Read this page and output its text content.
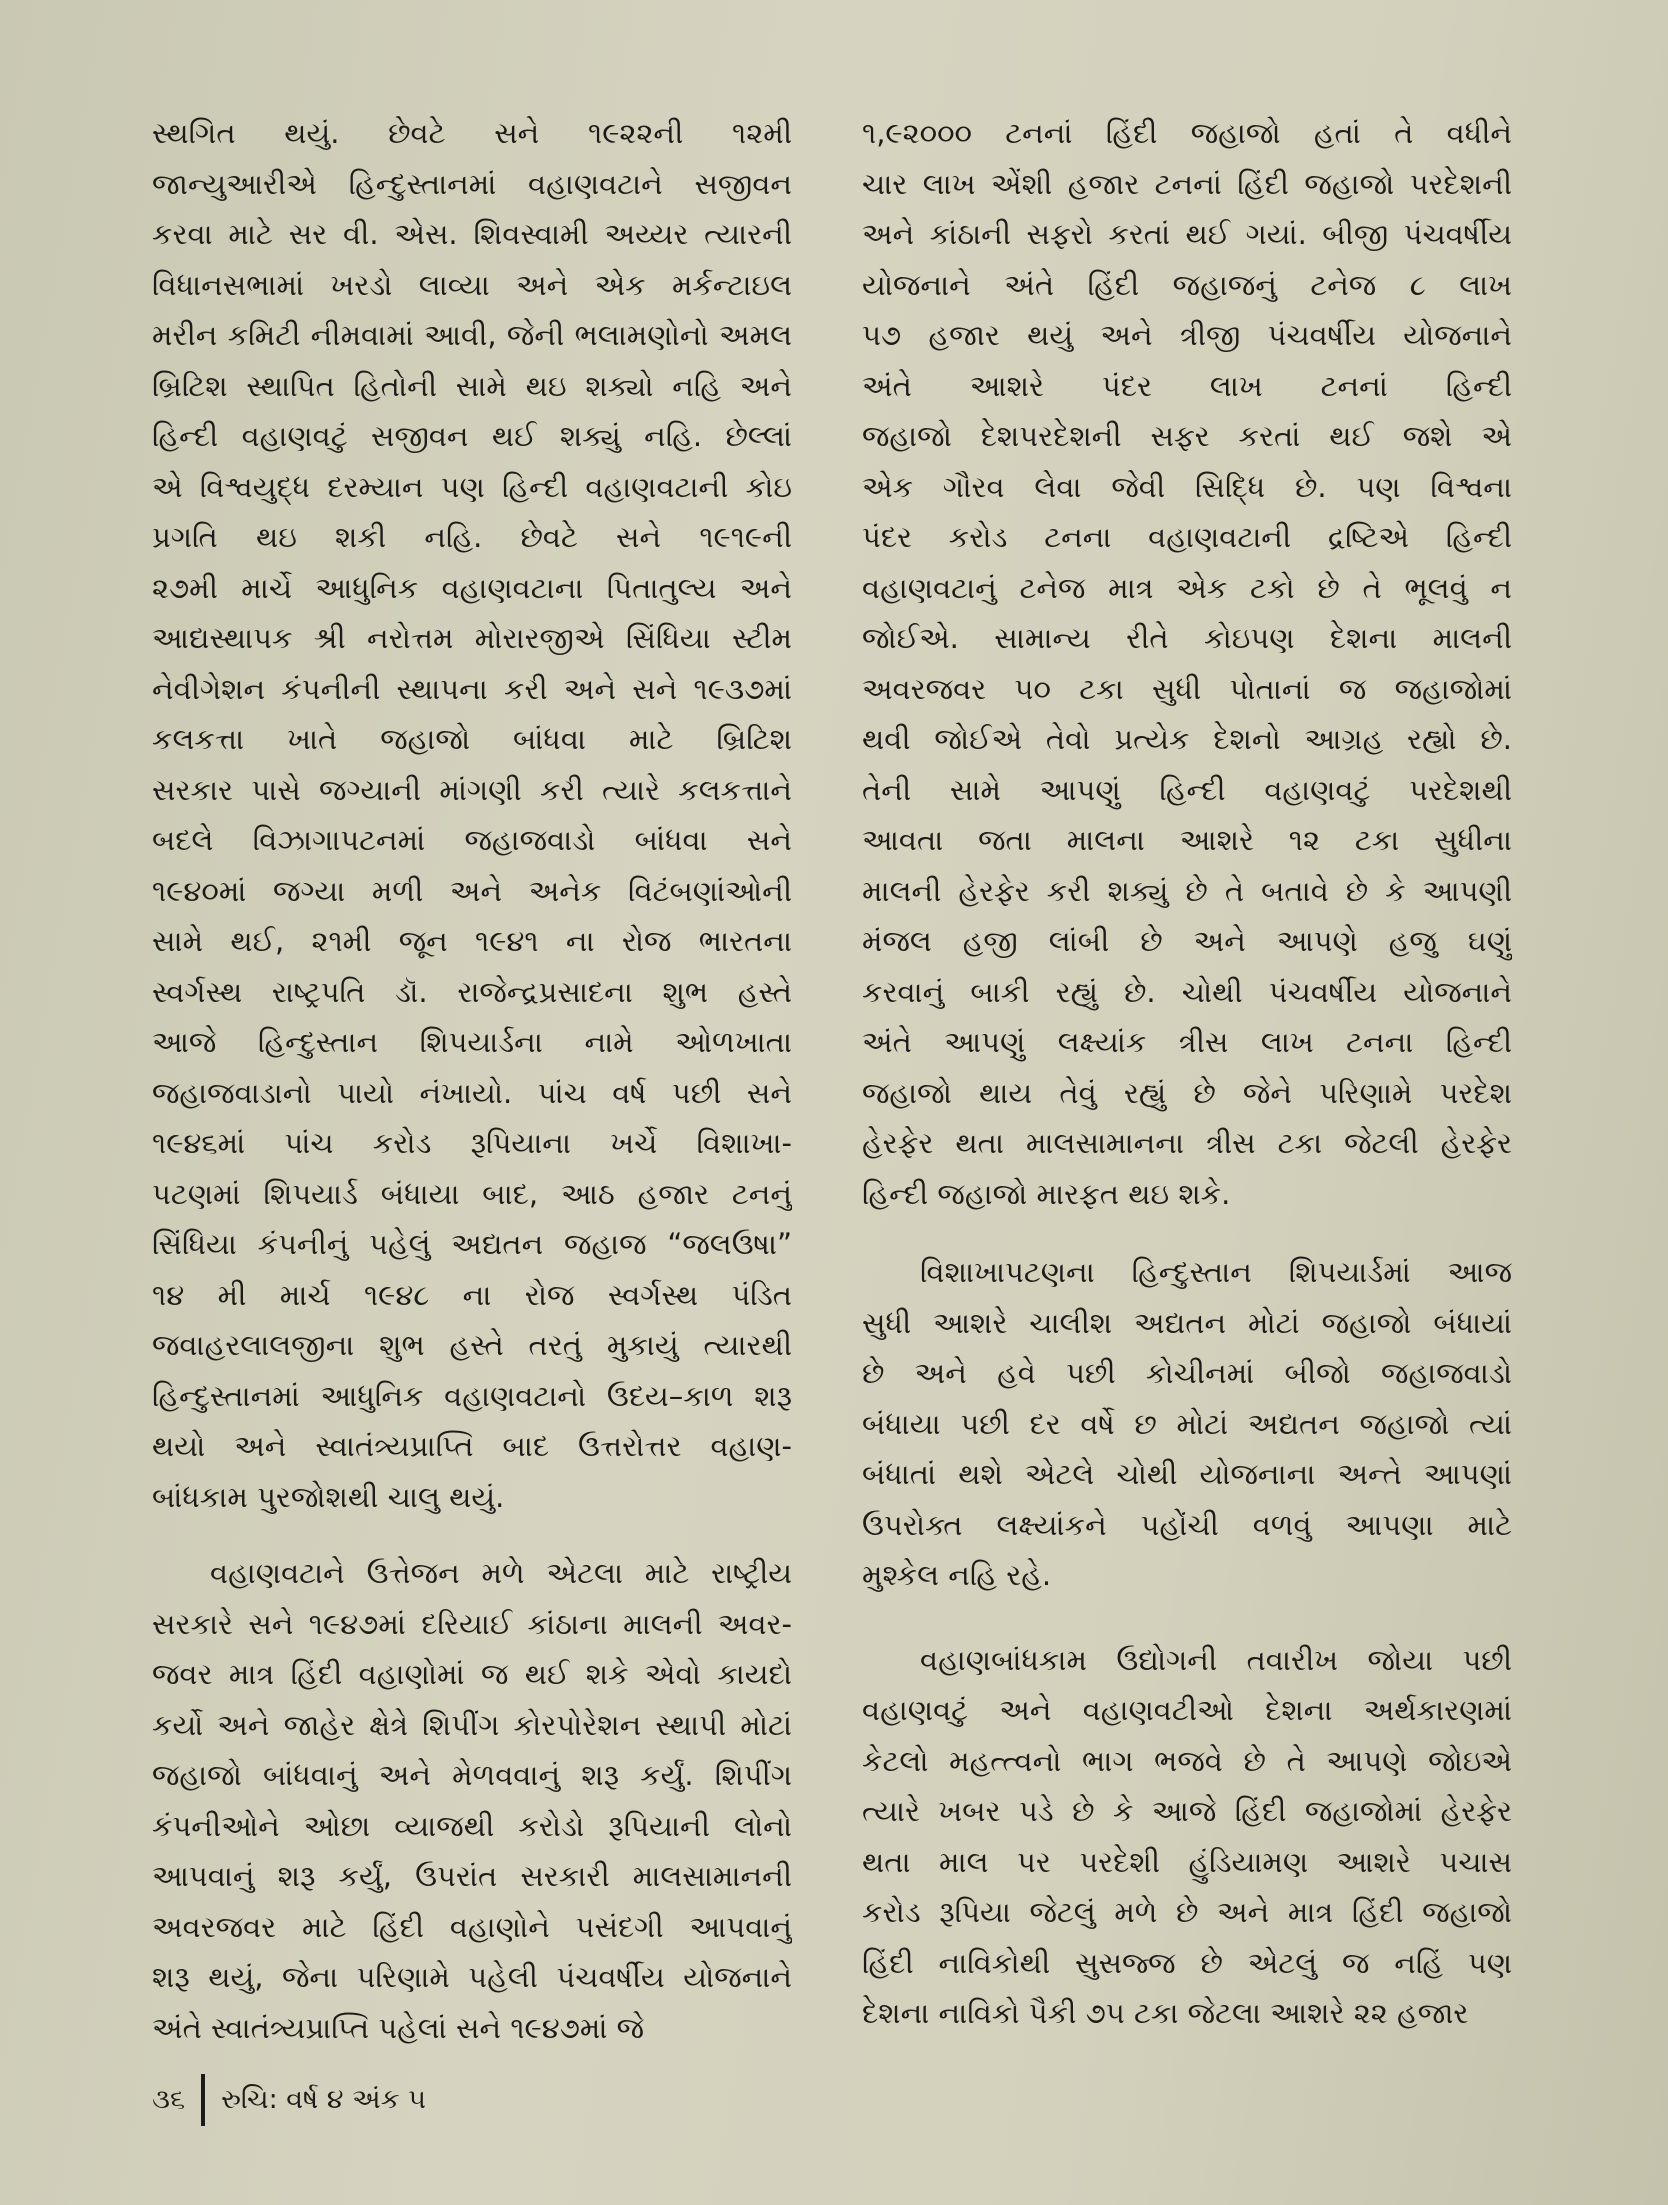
સ્થગિત થયું. છેવટે સને ૧૯૨૨ની ૧૨મી
જાન્યુઆરીએ હિન્દુસ્તાનમાં વહાણવટાને સજીવન
કરવા માટે સર વી. એસ. શિવસ્વામી અય્યર ત્યારની
વિધાનસભામાં ખરડો લાવ્યા અને એક મર્કન્ટાઇલ
મરીન કમિટી નીમવામાં આવી, જેની ભલામણોનો અમલ
બ્રિટિશ સ્થાપિત હિતોની સામે થઇ શક્યો નહિ અને
હિન્દી વહાણવટું સજીવન થઈ શક્યું નહિ. છેલ્લાં
એ વિશ્વયુદ્ધ દરમ્યાન પણ હિન્દી વહાણવટાની કોઇ
પ્રગતિ થઇ શકી નહિ. છેવટે સને ૧૯૧૯ની
૨૭મી માર્ચે આધુનિક વહાણવટાના પિતાતુલ્ય અને
આદ્યસ્થાપક શ્રી નરોત્તમ મોરારજીએ સિંધિયા સ્ટીમ
નેવીગેશન કંપનીની સ્થાપના કરી અને સને ૧૯૩૭માં
કલકત્તા ખાતે જહાજો બાંધવા માટે બ્રિટિશ
સરકાર પાસે જગ્યાની માંગણી કરી ત્યારે કલકત્તાને
બદલે વિઝાગાપટનમાં જહાજવાડો બાંધવા સને
૧૯૪૦માં જગ્યા મળી અને અનેક વિટંબણાંઓની
સામે થઈ, ૨૧મી જૂન ૧૯૪૧ ના રોજ ભારતના
સ્વર્ગસ્થ રાષ્ટ્રપતિ ડૉ. રાજેન્દ્રપ્રસાદના શુભ હસ્તે
આજે હિન્દુસ્તાન શિપયાર્ડના નામે ઓળખાતા
જહાજવાડાનો પાયો નંખાયો. પાંચ વર્ષ પછી સને
૧૯૪૬માં પાંચ કરોડ રૂપિયાના ખર્ચે વિશાખા-
પટણમાં શિપયાર્ડ બંધાયા બાદ, આઠ હજાર ટનનું
સિંધિયા કંપનીનું પહેલું અદ્યતન જહાજ “જલઉષા”
૧૪ મી માર્ચ ૧૯૪૮ ના રોજ સ્વર્ગસ્થ પંડિત
જવાહરલાલજીના શુભ હસ્તે તરતું મુકાયું ત્યારથી
હિન્દુસ્તાનમાં આધુનિક વહાણવટાનો ઉદય–કાળ શરૂ
થયો અને સ્વાતંત્ર્યપ્રાપ્તિ બાદ ઉત્તરોત્તર વહાણ-
બાંધકામ પુરજોશથી ચાલુ થયું.
વહાણવટાને ઉત્તેજન મળે એટલા માટે રાષ્ટ્રીય
સરકારે સને ૧૯૪૭માં દરિયાઈ કાંઠાના માલની અવર-
જવર માત્ર હિંદી વહાણોમાં જ થઈ શકે એવો કાયદો
કર્યો અને જાહેર ક્ષેત્રે શિપીંગ કોરપોરેશન સ્થાપી મોટાં
જહાજો બાંધવાનું અને મેળવવાનું શરૂ કર્યું. શિપીંગ
કંપનીઓને ઓછા વ્યાજથી કરોડો રૂપિયાની લોનો
આપવાનું શરૂ કર્યું, ઉપરાંત સરકારી માલસામાનની
અવરજવર માટે હિંદી વહાણોને પસંદગી આપવાનું
શરૂ થયું, જેના પરિણામે પહેલી પંચવર્ષીય યોજનાને
અંતે સ્વાતંત્ર્યપ્રાપ્તિ પહેલાં સને ૧૯૪૭માં જે
૧,૯૨૦૦૦ ટનનાં હિંદી જહાજો હતાં તે વધીને
ચાર લાખ એંશી હજાર ટનનાં હિંદી જહાજો પરદેશની
અને કાંઠાની સફરો કરતાં થઈ ગયાં. બીજી પંચવર્ષીય
યોજનાને અંતે હિંદી જહાજનું ટનેજ ૮ લાખ
૫૭ હજાર થયું અને ત્રીજી પંચવર્ષીય યોજનાને
અંતે આશરે પંદર લાખ ટનનાં હિન્દી
જહાજો દેશપરદેશની સફર કરતાં થઈ જશે એ
એક ગૌરવ લેવા જેવી સિદ્ધિ છે. પણ વિશ્વના
પંદર કરોડ ટનના વહાણવટાની દ્રષ્ટિએ હિન્દી
વહાણવટાનું ટનેજ માત્ર એક ટકો છે તે ભૂલવું ન
જોઈએ. સામાન્ય રીતે કોઇપણ દેશના માલની
અવરજવર ૫૦ ટકા સુધી પોતાનાં જ જહાજોમાં
થવી જોઈએ તેવો પ્રત્યેક દેશનો આગ્રહ રહ્યો છે.
તેની સામે આપણું હિન્દી વહાણવટું પરદેશથી
આવતા જતા માલના આશરે ૧૨ ટકા સુધીના
માલની હેરફેર કરી શક્યું છે તે બતાવે છે કે આપણી
મંજલ હજી લાંબી છે અને આપણે હજુ ઘણું
કરવાનું બાકી રહ્યું છે. ચોથી પંચવર્ષીય યોજનાને
અંતે આપણું લક્ષ્યાંક ત્રીસ લાખ ટનના હિન્દી
જહાજો થાય તેવું રહ્યું છે જેને પરિણામે પરદેશ
હેરફેર થતા માલસામાનના ત્રીસ ટકા જેટલી હેરફેર
હિન્દી જહાજો મારફત થઇ શકે.
વિશાખાપટણના હિન્દુસ્તાન શિપયાર્ડમાં આજ
સુધી આશરે ચાલીશ અદ્યતન મોટાં જહાજો બંધાયાં
છે અને હવે પછી કોચીનમાં બીજો જહાજવાડો
બંધાયા પછી દર વર્ષે છ મોટાં અદ્યતન જહાજો ત્યાં
બંધાતાં થશે એટલે ચોથી યોજનાના અન્તે આપણાં
ઉપરોક્ત લક્ષ્યાંકને પહોંચી વળવું આપણા માટે
મુશ્કેલ નહિ રહે.
વહાણબાંધકામ ઉદ્યોગની તવારીખ જોયા પછી
વહાણવટું અને વહાણવટીઓ દેશના અર્થકારણમાં
કેટલો મહત્ત્વનો ભાગ ભજવે છે તે આપણે જોઇએ
ત્યારે ખબર પડે છે કે આજે હિંદી જહાજોમાં હેરફેર
થતા માલ પર પરદેશી હુંડિયામણ આશરે પચાસ
કરોડ રૂપિયા જેટલું મળે છે અને માત્ર હિંદી જહાજો
હિંદી નાવિકોથી સુસજ્જ છે એટલું જ નહિં પણ
દેશના નાવિકો પૈકી ૭૫ ટકા જેટલા આશરે ૨૨ હજાર
૩૬ રુચિ: વર્ષ ૪ અંક ૫
